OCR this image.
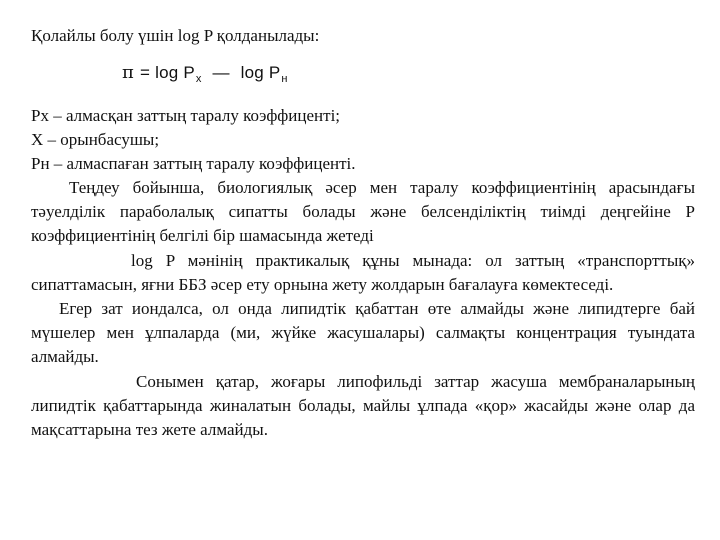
Қолайлы болу үшін log P қолданылады:
$\pi = \log P_x$ — $\log P_н$
Px – алмасқан заттың таралу коэффиценті;
X – орынбасушы;
Pн – алмаспаған заттың таралу коэффиценті.

Теңдеу бойынша, биологиялық әсер мен таралу коэффициентінің арасындағы тәуелділік параболалық сипатты болады және белсенділіктің тиімді деңгейіне Р коэффициентінің белгілі бір шамасында жетеді

log P мәнінің практикалық құны мынада: ол заттың «транспорттық» сипаттамасын, яғни ББЗ әсер ету орнына жету жолдарын бағалауға көмектеседі.

Егер зат иондалса, ол онда липидтік қабаттан өте алмайды және липидтерге бай мүшелер мен ұлпаларда (ми, жүйке жасушалары) салмақты концентрация туындата алмайды.

Сонымен қатар, жоғары липофильді заттар жасуша мембраналарының липидтік қабаттарында жиналатын болады, майлы ұлпада «қор» жасайды және олар да мақсаттарына тез жете алмайды.
